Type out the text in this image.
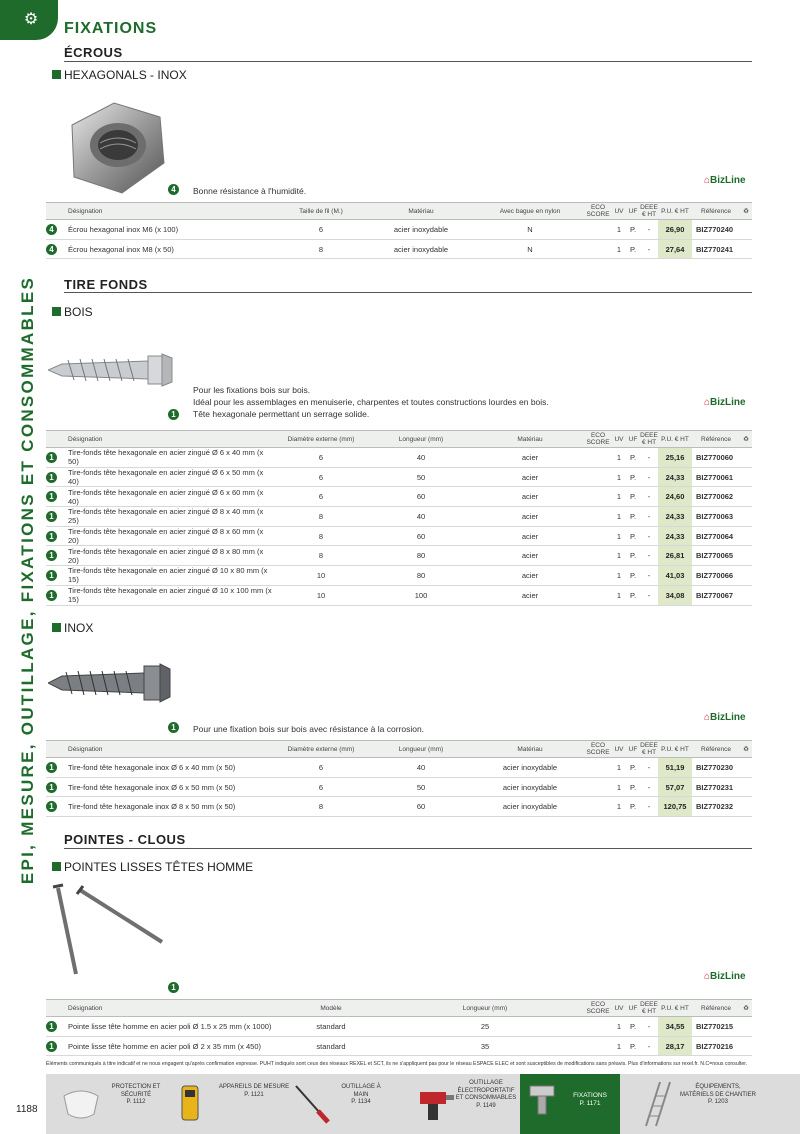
⚙
FIXATIONS
EPI, MESURE, OUTILLAGE, FIXATIONS ET CONSOMMABLES
ÉCROUS
HEXAGONALS - INOX
4	Bonne résistance à l'humidité.
⌂BizLine
Désignation	Taille de fil (M.)	Matériau	Avec bague en nylon	ECO SCORE	UV	UF	DEEE € HT	P.U. € HT	Référence	♻

4 Écrou hexagonal inox M6 (x 100)	6	acier inoxydable	N		1	P.	-	26,90	BIZ770240	

4 Écrou hexagonal inox M8 (x 50)	8	acier inoxydable	N		1	P.	-	27,64	BIZ770241	
TIRE FONDS
BOIS
1
Pour les fixations bois sur bois.
Idéal pour les assemblages en menuiserie, charpentes et toutes constructions lourdes en bois.
Tête hexagonale permettant un serrage solide.
⌂BizLine
Désignation	Diamètre externe (mm)	Longueur (mm)	Matériau	ECO SCORE	UV	UF	DEEE € HT	P.U. € HT	Référence	♻

1
Tire-fonds tête hexagonale en acier zingué Ø 6 x 40 mm (x 50)	6	40	acier		1	P.	-	25,16	BIZ770060	

1
Tire-fonds tête hexagonale en acier zingué Ø 6 x 50 mm (x 40)	6	50	acier		1	P.	-	24,33	BIZ770061	

1
Tire-fonds tête hexagonale en acier zingué Ø 6 x 60 mm (x 40)	6	60	acier		1	P.	-	24,60	BIZ770062	

1
Tire-fonds tête hexagonale en acier zingué Ø 8 x 40 mm (x 25)	8	40	acier		1	P.	-	24,33	BIZ770063	

1
Tire-fonds tête hexagonale en acier zingué Ø 8 x 60 mm (x 20)	8	60	acier		1	P.	-	24,33	BIZ770064	

1
Tire-fonds tête hexagonale en acier zingué Ø 8 x 80 mm (x 20)	8	80	acier		1	P.	-	26,81	BIZ770065	

1
Tire-fonds tête hexagonale en acier zingué Ø 10 x 80 mm (x 15)	10	80	acier		1	P.	-	41,03	BIZ770066	

1
Tire-fonds tête hexagonale en acier zingué Ø 10 x 100 mm (x 15)	10	100	acier		1	P.	-	34,08	BIZ770067	
INOX
1	Pour une fixation bois sur bois avec résistance à la corrosion.
⌂BizLine
Désignation	Diamètre externe (mm)	Longueur (mm)	Matériau	ECO SCORE	UV	UF	DEEE € HT	P.U. € HT	Référence	♻

1 Tire-fond tête hexagonale inox Ø 6 x 40 mm (x 50)	6	40	acier inoxydable		1	P.	-	51,19	BIZ770230	

1 Tire-fond tête hexagonale inox Ø 6 x 50 mm (x 50)	6	50	acier inoxydable		1	P.	-	57,07	BIZ770231	

1 Tire-fond tête hexagonale inox Ø 8 x 50 mm (x 50)	8	60	acier inoxydable		1	P.	-	120,75	BIZ770232	
POINTES - CLOUS
POINTES LISSES TÊTES HOMME
1
⌂BizLine
Désignation	Modèle	Longueur (mm)	ECO SCORE	UV	UF	DEEE € HT	P.U. € HT	Référence	♻

1 Pointe lisse tête homme en acier poli Ø 1.5 x 25 mm (x 1000)	standard	25		1	P.	-	34,55	BIZ770215	

1 Pointe lisse tête homme en acier poli Ø 2 x 35 mm (x 450)	standard	35		1	P.	-	28,17	BIZ770216	
Éléments communiqués à titre indicatif et ne nous engagent qu'après confirmation expresse. PUHT indiqués sont ceux des réseaux REXEL et SCT, ils ne s'appliquent pas pour le réseau ESPACE ELEC et sont susceptibles de modifications sans préavis. Plus d'informations sur rexel.fr. N.C=nous consulter.
1188
PROTECTION ET SÉCURITÉ
P. 1112
APPAREILS DE MESURE
P. 1121
OUTILLAGE À MAIN
P. 1134
OUTILLAGE ÉLECTROPORTATIF ET CONSOMMABLES
P. 1149
FIXATIONS
P. 1171
ÉQUIPEMENTS, MATÉRIELS DE CHANTIER
P. 1203
